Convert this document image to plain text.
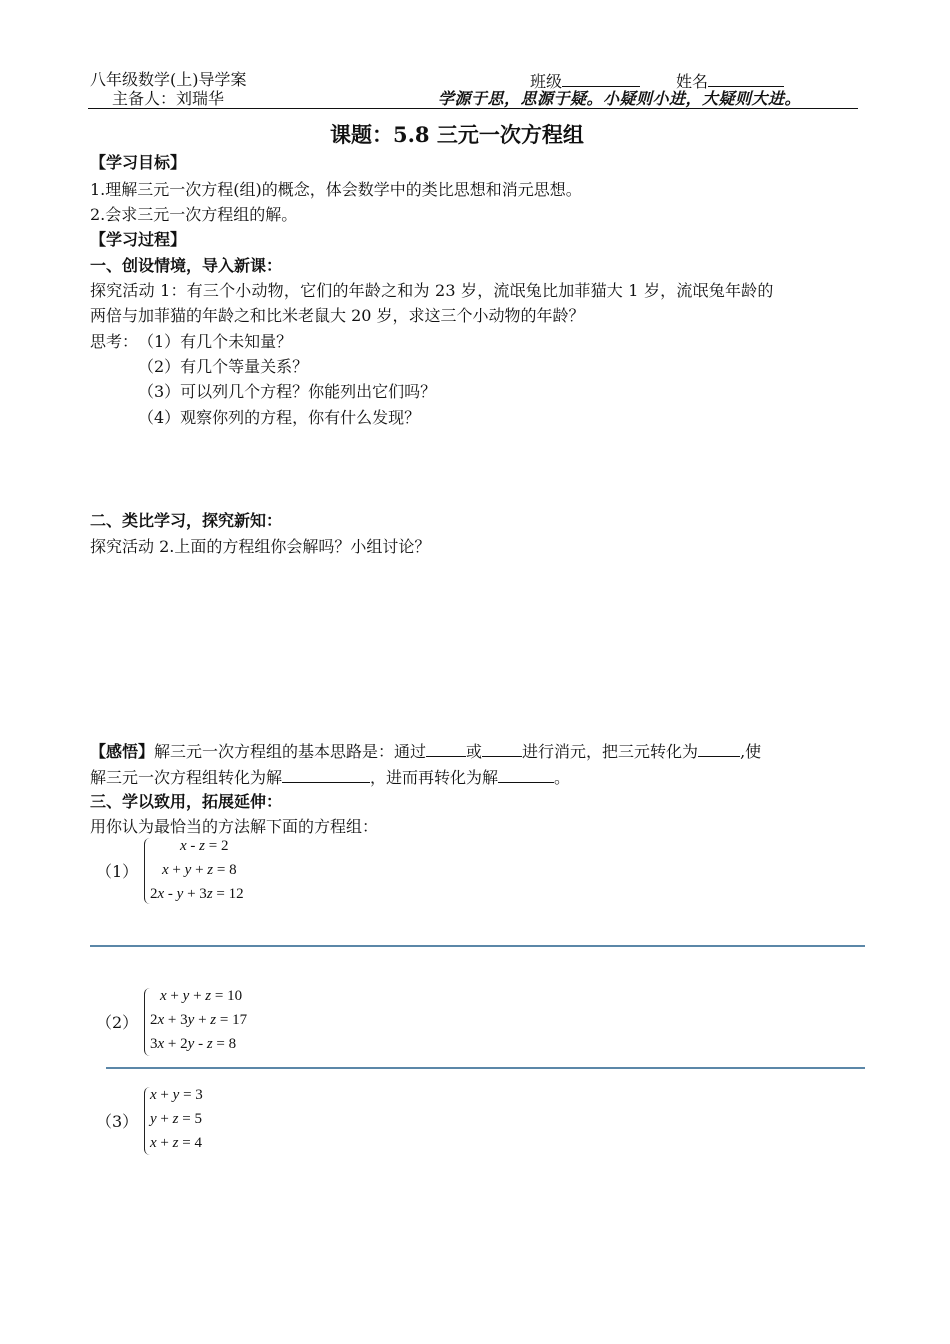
八年级数学(上)导学案	班级	姓名
主备人：刘瑞华	学源于思，思源于疑。小疑则小进，大疑则大进。
课题：5.8 三元一次方程组
【学习目标】
1.理解三元一次方程(组)的概念，体会数学中的类比思想和消元思想。
2.会求三元一次方程组的解。
【学习过程】
一、创设情境，导入新课：
探究活动 1：有三个小动物，它们的年龄之和为 23 岁，流氓兔比加菲猫大 1 岁，流氓兔年龄的
两倍与加菲猫的年龄之和比米老鼠大 20 岁，求这三个小动物的年龄？
思考： （1）有几个未知量？
（2）有几个等量关系？
（3）可以列几个方程？你能列出它们吗？
（4）观察你列的方程，你有什么发现？
二、类比学习，探究新知：
探究活动 2.上面的方程组你会解吗？小组讨论？
【感悟】解三元一次方程组的基本思路是：通过	或	进行消元，把三元转化为	,使
解三元一次方程组转化为解	，进而再转化为解	。
三、学以致用，拓展延伸：
用你认为最恰当的方法解下面的方程组：
（1）
x - z = 2
x + y + z = 8
2x - y + 3z = 12
（2）
x + y + z = 10
2x + 3y + z = 17
3x + 2y - z = 8
（3）
x + y = 3
y + z = 5
x + z = 4
